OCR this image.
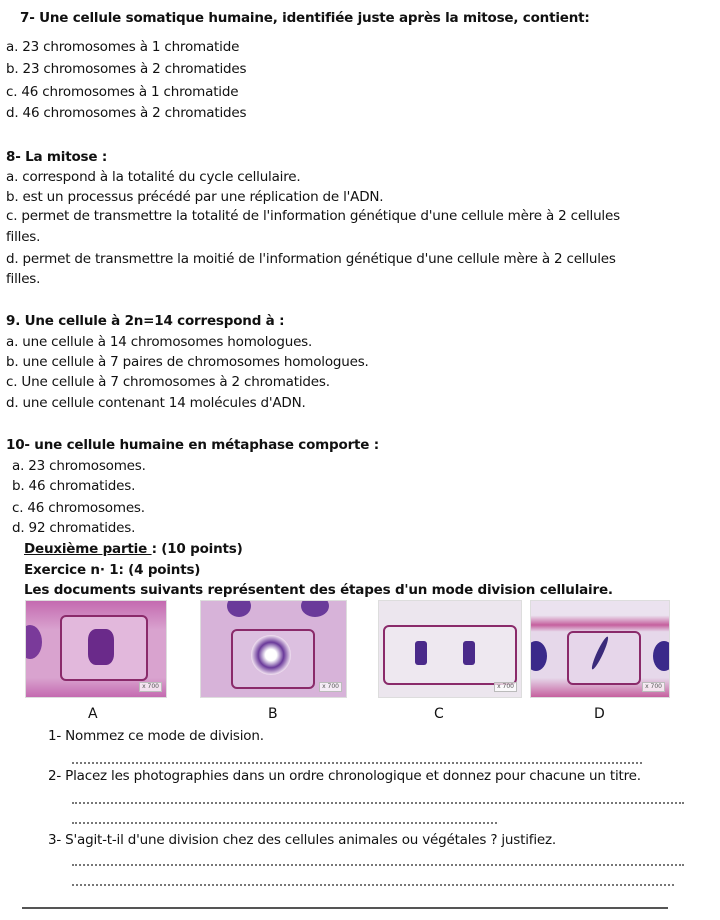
7- Une cellule somatique humaine, identifiée juste après la mitose, contient:
a. 23 chromosomes à 1 chromatide
b. 23 chromosomes à 2 chromatides
c. 46 chromosomes à 1 chromatide
d. 46 chromosomes à 2 chromatides
8- La mitose :
a. correspond à la totalité du cycle cellulaire.
b. est un processus précédé par une réplication de l'ADN.
c. permet de transmettre la totalité de l'information génétique d'une cellule mère à 2 cellules
filles.
d. permet de transmettre la moitié de l'information génétique d'une cellule mère à 2 cellules
filles.
9. Une cellule à 2n=14 correspond à :
a. une cellule à 14 chromosomes homologues.
b. une cellule à 7 paires de chromosomes homologues.
c. Une cellule à 7 chromosomes à 2 chromatides.
d. une cellule contenant 14 molécules d'ADN.
10- une cellule humaine en métaphase comporte :
a. 23 chromosomes.
b. 46 chromatides.
c. 46 chromosomes.
d. 92 chromatides.
Deuxième partie : (10 points)
Exercice n· 1: (4 points)
Les documents suivants représentent des étapes d'un mode division cellulaire.
x 700	x 700	x 700	x 700
A	B	C	D
1- Nommez ce mode de division.
2- Placez les photographies dans un ordre chronologique et donnez pour chacune un titre.
3- S'agit-t-il d'une division chez des cellules animales ou végétales ? justifiez.
